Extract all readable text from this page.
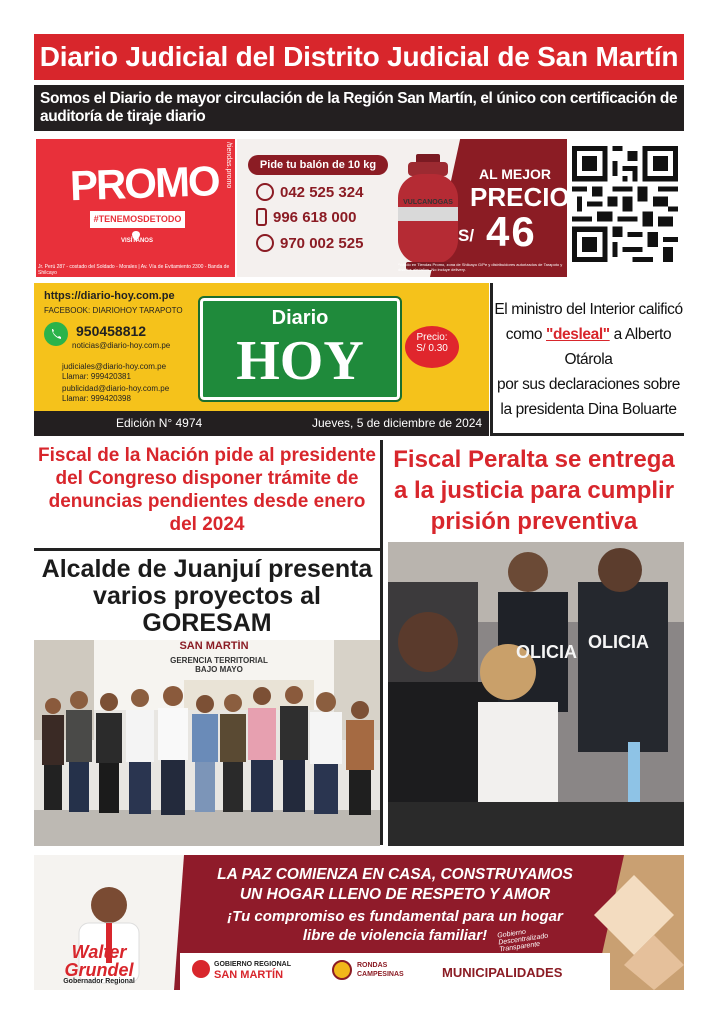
Diario Judicial del Distrito Judicial de San Martín
Somos el Diario de mayor circulación de la Región San Martín, el único con certificación de auditoría de tiraje diario
PROMO
#TENEMOSDETODO
VISÍTANOS
Jr. Perú 287 - costado del Soldado - Morales | Av. Vía de Evitamiento 2300 - Banda de Shilcayo
/tiendas.promo	Pide tu balón de 10 kg
042 525 324
996 618 000
970 002 525
VULCANOGAS
AL MEJOR
PRECIO
S/ 46
*Válido en Tiendas Promo, zona de Shilcayo G/Pe y distribuidores autorizados de Tarapoto y distritos aledaños. No incluye delivery.
https://diario-hoy.com.pe
FACEBOOK: DIARIOHOY TARAPOTO
950458812
noticias@diario-hoy.com.pe
judiciales@diario-hoy.com.pe
Llamar: 999420381
publicidad@diario-hoy.com.pe
Llamar: 999420398
Diario
HOY	Precio:
S/ 0.30
Edición N° 4974	Jueves, 5 de diciembre de 2024
El ministro del Interior calificó
como "desleal" a Alberto Otárola
por sus declaraciones sobre
la presidenta Dina Boluarte
Fiscal de la Nación pide al presidente del Congreso disponer trámite de denuncias pendientes desde enero del 2024
Fiscal Peralta se entrega a la justicia para cumplir prisión preventiva
Alcalde de Juanjuí presenta varios proyectos al GORESAM
SAN MARTÍN
GERENCIA TERRITORIAL BAJO MAYO
OLICIA OLICIA
Walter
Grundel
Gobernador Regional
LA PAZ COMIENZA EN CASA, CONSTRUYAMOS
UN HOGAR LLENO DE RESPETO Y AMOR
¡Tu compromiso es fundamental para un hogar
libre de violencia familiar!	Gobierno Descentralizado Transparente
GOBIERNO REGIONAL
SAN MARTÍN
RONDAS
CAMPESINAS	MUNICIPALIDADES
